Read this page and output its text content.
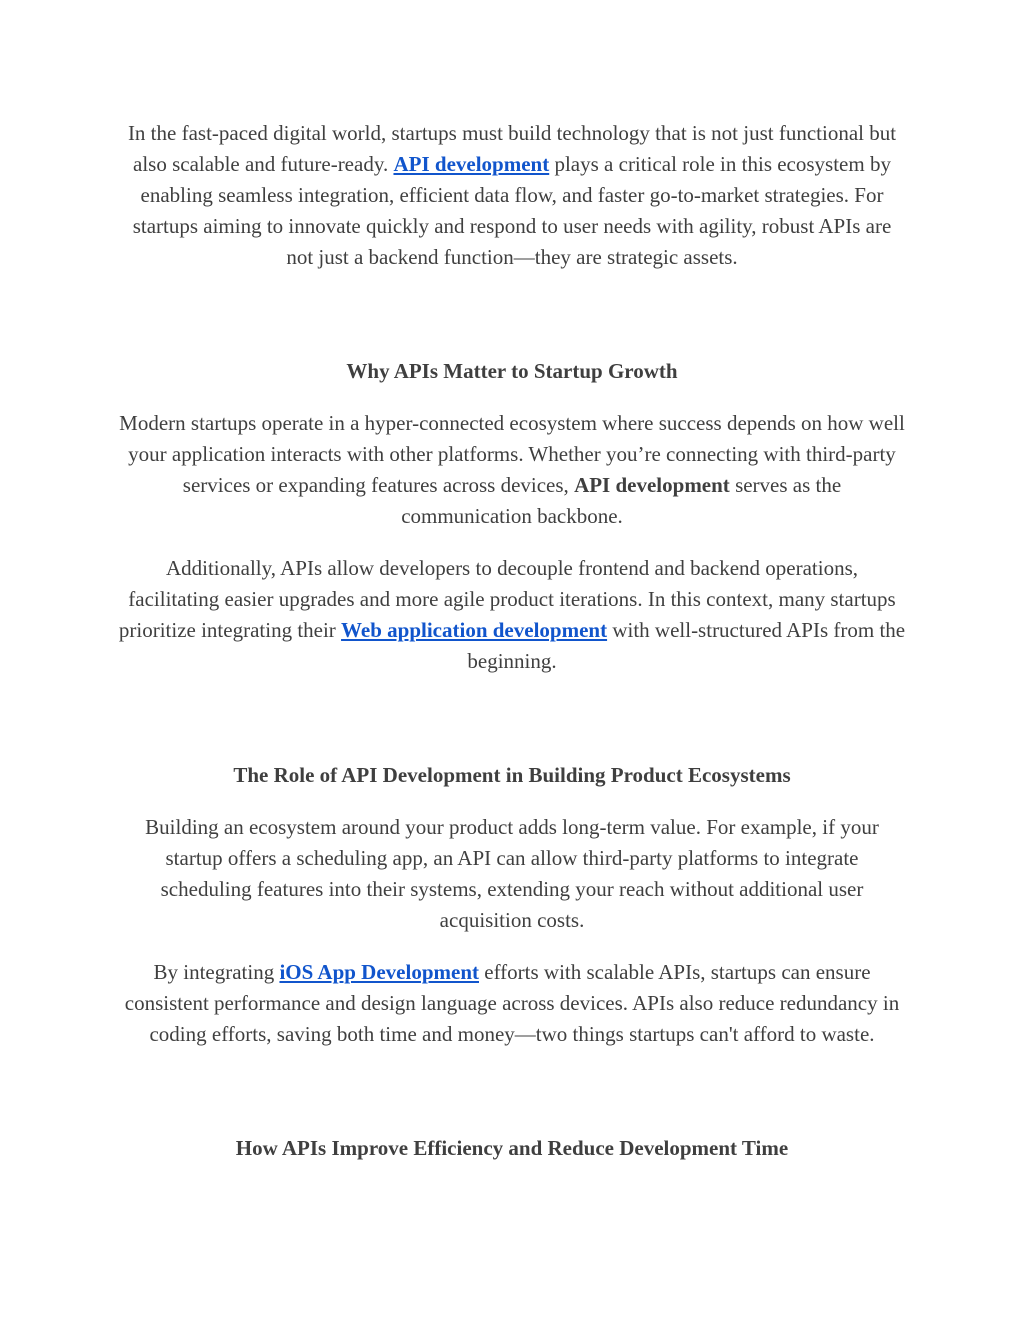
In the fast-paced digital world, startups must build technology that is not just functional but also scalable and future-ready. API development plays a critical role in this ecosystem by enabling seamless integration, efficient data flow, and faster go-to-market strategies. For startups aiming to innovate quickly and respond to user needs with agility, robust APIs are not just a backend function—they are strategic assets.

Why APIs Matter to Startup Growth

Modern startups operate in a hyper-connected ecosystem where success depends on how well your application interacts with other platforms. Whether you’re connecting with third-party services or expanding features across devices, API development serves as the communication backbone.

Additionally, APIs allow developers to decouple frontend and backend operations, facilitating easier upgrades and more agile product iterations. In this context, many startups prioritize integrating their Web application development with well-structured APIs from the beginning.

The Role of API Development in Building Product Ecosystems

Building an ecosystem around your product adds long-term value. For example, if your startup offers a scheduling app, an API can allow third-party platforms to integrate scheduling features into their systems, extending your reach without additional user acquisition costs.

By integrating iOS App Development efforts with scalable APIs, startups can ensure consistent performance and design language across devices. APIs also reduce redundancy in coding efforts, saving both time and money—two things startups can't afford to waste.

How APIs Improve Efficiency and Reduce Development Time
